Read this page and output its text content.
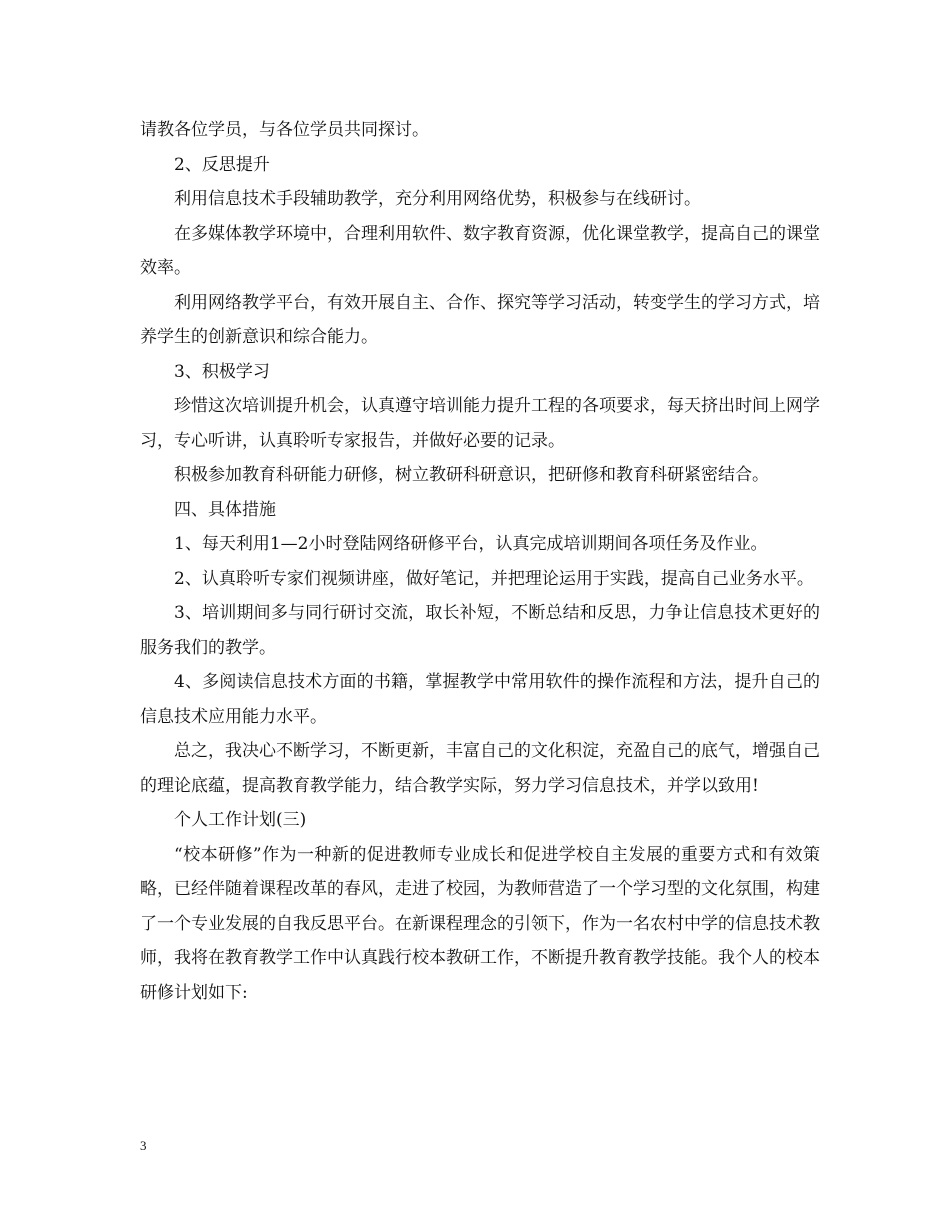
请教各位学员，与各位学员共同探讨。

2、反思提升

利用信息技术手段辅助教学，充分利用网络优势，积极参与在线研讨。

在多媒体教学环境中，合理利用软件、数字教育资源，优化课堂教学，提高自己的课堂效率。

利用网络教学平台，有效开展自主、合作、探究等学习活动，转变学生的学习方式，培养学生的创新意识和综合能力。

3、积极学习

珍惜这次培训提升机会，认真遵守培训能力提升工程的各项要求，每天挤出时间上网学习，专心听讲，认真聆听专家报告，并做好必要的记录。

积极参加教育科研能力研修，树立教研科研意识，把研修和教育科研紧密结合。

四、具体措施

1、每天利用1—2小时登陆网络研修平台，认真完成培训期间各项任务及作业。

2、认真聆听专家们视频讲座，做好笔记，并把理论运用于实践，提高自己业务水平。

3、培训期间多与同行研讨交流，取长补短，不断总结和反思，力争让信息技术更好的服务我们的教学。

4、多阅读信息技术方面的书籍，掌握教学中常用软件的操作流程和方法，提升自己的信息技术应用能力水平。

总之，我决心不断学习，不断更新，丰富自己的文化积淀，充盈自己的底气，增强自己的理论底蕴，提高教育教学能力，结合教学实际，努力学习信息技术，并学以致用!

个人工作计划(三)

“校本研修”作为一种新的促进教师专业成长和促进学校自主发展的重要方式和有效策略，已经伴随着课程改革的春风，走进了校园，为教师营造了一个学习型的文化氛围，构建了一个专业发展的自我反思平台。在新课程理念的引领下，作为一名农村中学的信息技术教师，我将在教育教学工作中认真践行校本教研工作，不断提升教育教学技能。我个人的校本研修计划如下:

3
